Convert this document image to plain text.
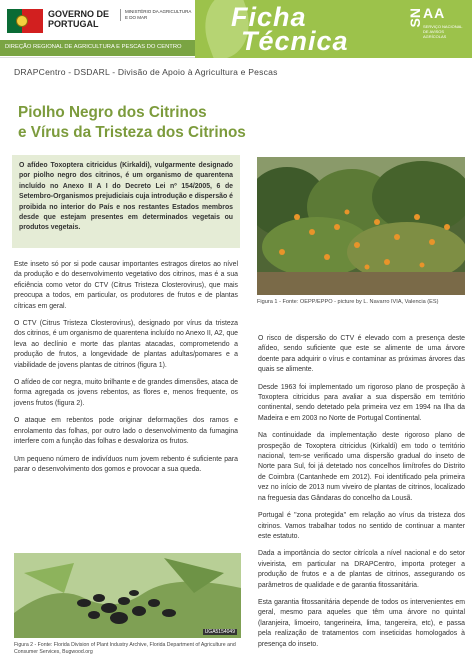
GOVERNO DE PORTUGAL
MINISTÉRIO DA AGRICULTURA E DO MAR
DIREÇÃO REGIONAL DE AGRICULTURA E PESCAS DO CENTRO
Ficha
Técnica
SN AA
SERVIÇO NACIONAL DE AVISOS AGRÍCOLAS
DRAPCentro - DSDARL - Divisão de Apoio à Agricultura e Pescas
Piolho Negro dos Citrinos
e Vírus da Tristeza dos Citrinos
O afídeo Toxoptera citricidus (Kirkaldi), vulgarmente designado por piolho negro dos citrinos, é um organismo de quarentena incluído no Anexo II A I do Decreto Lei nº 154/2005, 6 de Setembro-Organismos prejudiciais cuja introdução e dispersão é proibida no interior do País e nos restantes Estados membros desde que estejam presentes em determinados vegetais ou produtos vegetais.
Figura 1 - Fonte: OEPP/EPPO - picture by L. Navarro IVIA, Valencia (ES)

Este inseto só por si pode causar importantes estragos diretos ao nível da produção e do desenvolvimento vegetativo dos citrinos, mas é a sua eficiência como vetor do CTV (Citrus Tristeza Closterovirus), que mais preocupa a todos, em particular, os produtores de frutos e de plantas cítricas em geral.

O CTV (Citrus Tristeza Closterovirus), designado por vírus da tristeza dos citrinos, é um organismo de quarentena incluído no Anexo II, A2, que leva ao declínio e morte das plantas atacadas, comprometendo a produção de frutos, a longevidade de plantas adultas/pomares e a viabilidade de jovens plantas de citrinos (figura 1).

O afídeo de cor negra, muito brilhante e de grandes dimensões, ataca de forma agregada os jovens rebentos, as flores e, menos frequente, os jovens frutos (figura 2).

O ataque em rebentos pode originar deformações dos ramos e enrolamento das folhas, por outro lado o desenvolvimento da fumagina interfere com a função das folhas e desvaloriza os frutos.

Um pequeno número de indivíduos num jovem rebento é suficiente para parar o desenvolvimento dos gomos e provocar a sua queda.

O risco de dispersão do CTV é elevado com a presença deste afídeo, sendo suficiente que este se alimente de uma árvore doente para adquirir o vírus e contaminar as próximas árvores das quais se alimente.

Desde 1963 foi implementado um rigoroso plano de prospeção à Toxoptera citricidus para avaliar a sua dispersão em território continental, sendo detetado pela primeira vez em 1994 na Ilha da Madeira e em 2003 no Norte de Portugal Continental.

Na continuidade da implementação deste rigoroso plano de prospeção de Toxoptera citricidus (Kirkaldi) em todo o território nacional, tem-se verificado uma dispersão gradual do inseto de Norte para Sul, foi já detetado nos concelhos limítrofes do Distrito de Coimbra (Cantanhede em 2012). Foi identificado pela primeira vez no início de 2013 num viveiro de plantas de citrinos, localizado na freguesia das Gândaras do concelho da Lousã.

Portugal é "zona protegida" em relação ao vírus da tristeza dos citrinos. Vamos trabalhar todos no sentido de continuar a manter este estatuto.

Dada a importância do sector citrícola a nível nacional e do setor viveirista, em particular na DRAPCentro, importa proteger a produção de frutos e a de plantas de citrinos, assegurando os parâmetros de qualidade e de garantia fitossanitária.

Esta garantia fitossanitária depende de todos os intervenientes em geral, mesmo para aqueles que têm uma árvore no quintal (laranjeira, limoeiro, tangerineira, lima, tangereira, etc), e passa pela realização de tratamentos com inseticidas homologados à presença do inseto.

UGA5154049
Figura 2 - Fonte: Florida Division of Plant Industry Archive, Florida Department of Agriculture and Consumer Services, Bugwood.org
